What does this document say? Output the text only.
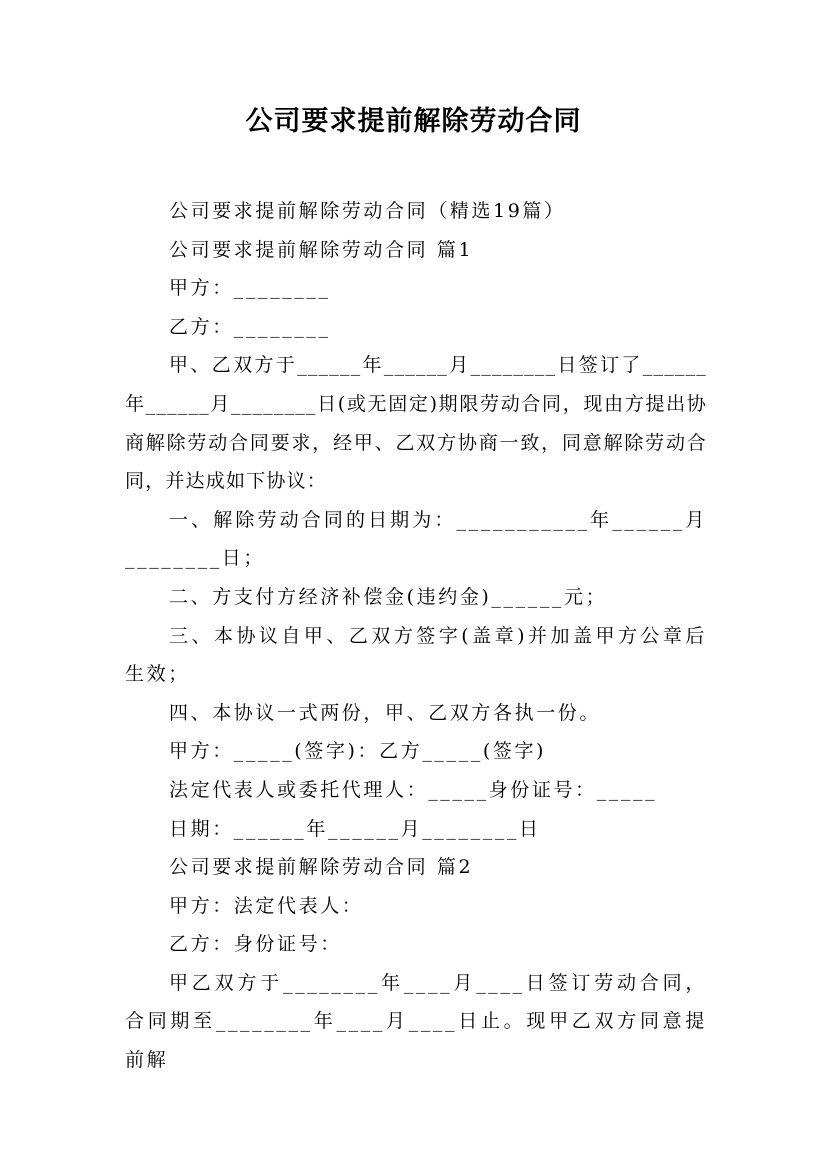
公司要求提前解除劳动合同

公司要求提前解除劳动合同（精选19篇）

公司要求提前解除劳动合同 篇1

甲方：________

乙方：________

甲、乙双方于______年______月________日签订了______年______月________日(或无固定)期限劳动合同，现由方提出协商解除劳动合同要求，经甲、乙双方协商一致，同意解除劳动合同，并达成如下协议：

一、解除劳动合同的日期为：___________年______月________日；

二、方支付方经济补偿金(违约金)______元；

三、本协议自甲、乙双方签字(盖章)并加盖甲方公章后生效；

四、本协议一式两份，甲、乙双方各执一份。

甲方：_____(签字)：乙方_____(签字)

法定代表人或委托代理人：_____身份证号：_____

日期：______年______月________日

公司要求提前解除劳动合同 篇2

甲方：法定代表人：

乙方：身份证号：

甲乙双方于________年____月____日签订劳动合同，合同期至________年____月____日止。现甲乙双方同意提前解
